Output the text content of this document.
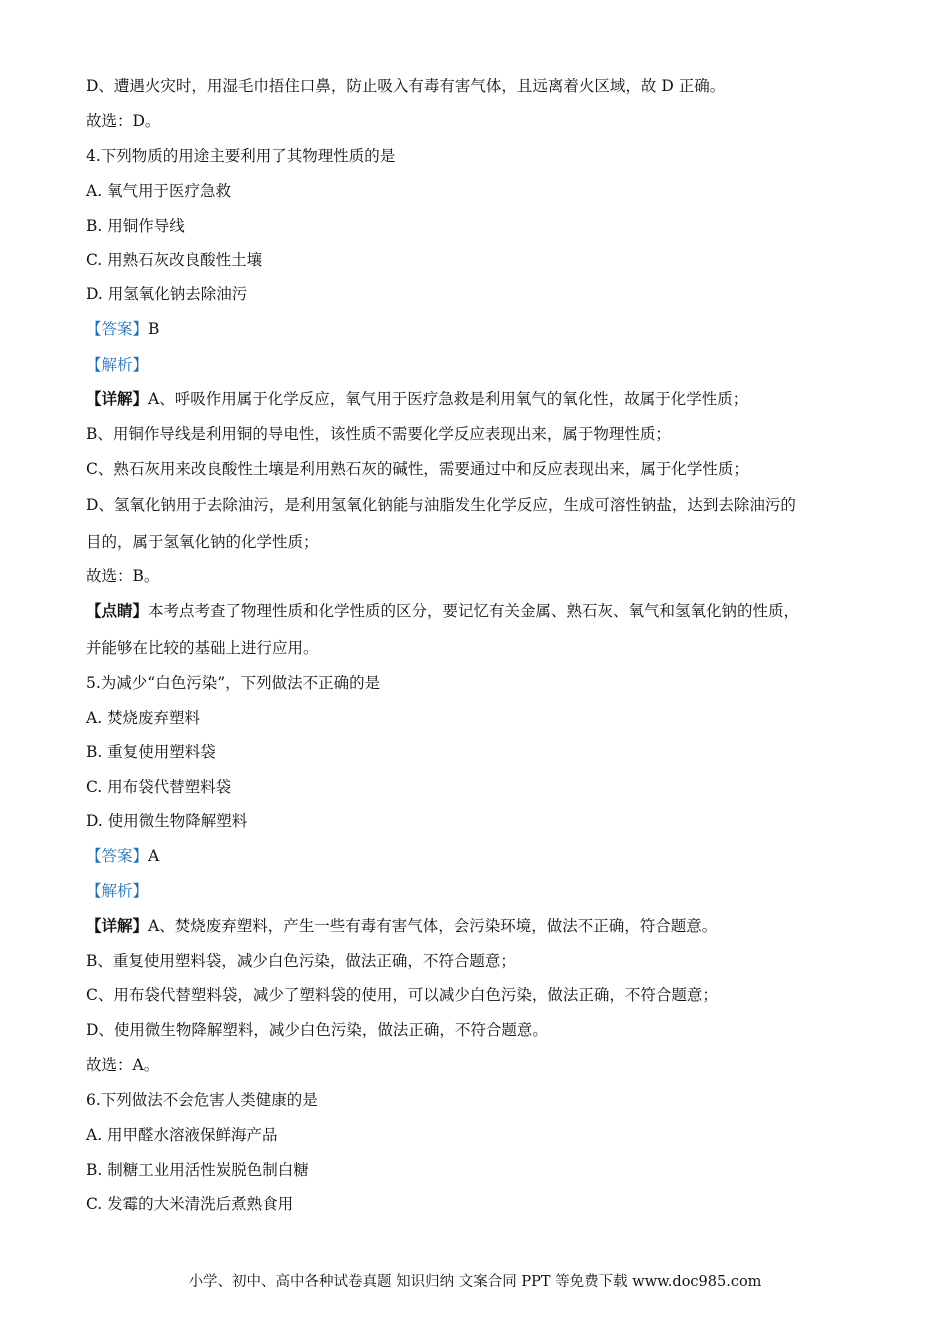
D、遭遇火灾时，用湿毛巾捂住口鼻，防止吸入有毒有害气体，且远离着火区域，故 D 正确。

故选：D。

4.下列物质的用途主要利用了其物理性质的是

A. 氧气用于医疗急救

B. 用铜作导线

C. 用熟石灰改良酸性土壤

D. 用氢氧化钠去除油污

【答案】B

【解析】

【详解】A、呼吸作用属于化学反应，氧气用于医疗急救是利用氧气的氧化性，故属于化学性质；

B、用铜作导线是利用铜的导电性，该性质不需要化学反应表现出来，属于物理性质；

C、熟石灰用来改良酸性土壤是利用熟石灰的碱性，需要通过中和反应表现出来，属于化学性质；

D、氢氧化钠用于去除油污，是利用氢氧化钠能与油脂发生化学反应，生成可溶性钠盐，达到去除油污的

目的，属于氢氧化钠的化学性质；

故选：B。

【点睛】本考点考查了物理性质和化学性质的区分，要记忆有关金属、熟石灰、氧气和氢氧化钠的性质，

并能够在比较的基础上进行应用。

5.为减少“白色污染”，下列做法不正确的是

A. 焚烧废弃塑料

B. 重复使用塑料袋

C. 用布袋代替塑料袋

D. 使用微生物降解塑料

【答案】A

【解析】

【详解】A、焚烧废弃塑料，产生一些有毒有害气体，会污染环境，做法不正确，符合题意。

B、重复使用塑料袋，减少白色污染，做法正确，不符合题意；

C、用布袋代替塑料袋，减少了塑料袋的使用，可以减少白色污染，做法正确，不符合题意；

D、使用微生物降解塑料，减少白色污染，做法正确，不符合题意。

故选：A。

6.下列做法不会危害人类健康的是

A. 用甲醛水溶液保鲜海产品

B. 制糖工业用活性炭脱色制白糖

C. 发霉的大米清洗后煮熟食用

小学、初中、高中各种试卷真题 知识归纳 文案合同 PPT 等免费下载 www.doc985.com
